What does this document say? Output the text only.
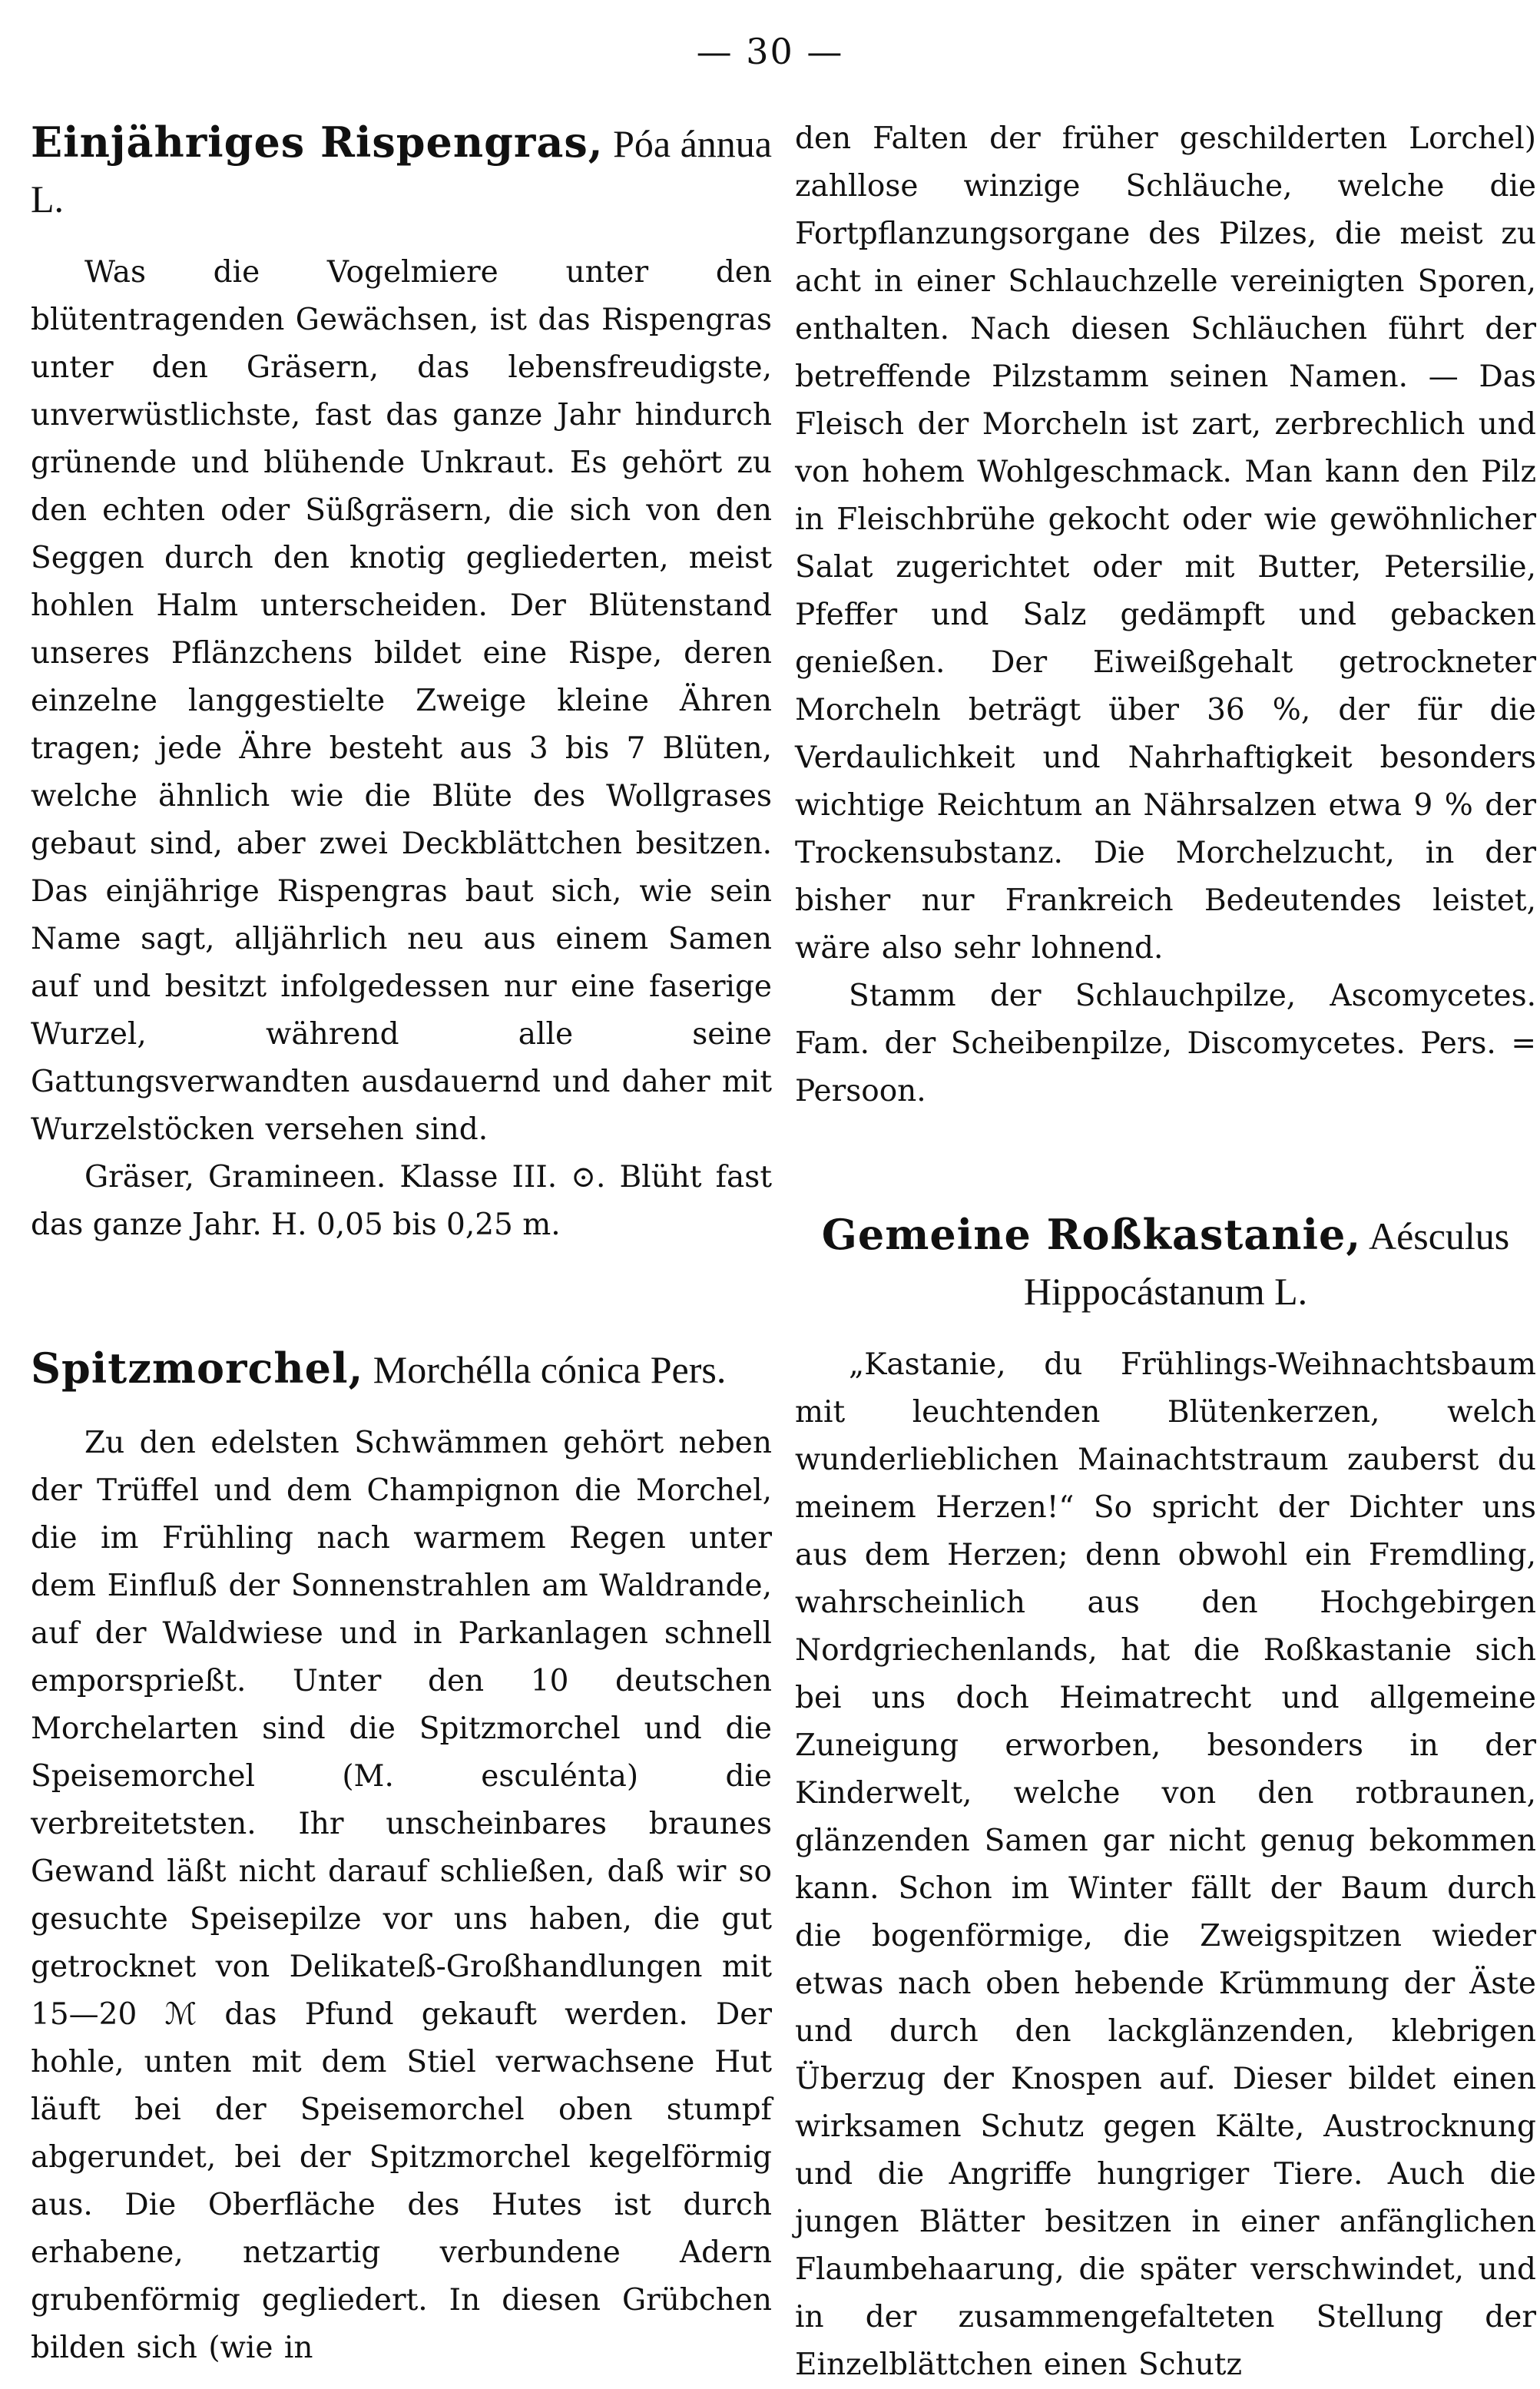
— 30 —
Einjähriges Rispengras, Póa ánnua L.

Was die Vogelmiere unter den blütentragenden Gewächsen, ist das Rispengras unter den Gräsern, das lebensfreudigste, unverwüstlichste, fast das ganze Jahr hindurch grünende und blühende Unkraut. Es gehört zu den echten oder Süßgräsern, die sich von den Seggen durch den knotig gegliederten, meist hohlen Halm unterscheiden. Der Blütenstand unseres Pflänzchens bildet eine Rispe, deren einzelne langgestielte Zweige kleine Ähren tragen; jede Ähre besteht aus 3 bis 7 Blüten, welche ähnlich wie die Blüte des Wollgrases gebaut sind, aber zwei Deckblättchen besitzen. Das einjährige Rispengras baut sich, wie sein Name sagt, alljährlich neu aus einem Samen auf und besitzt infolgedessen nur eine faserige Wurzel, während alle seine Gattungsverwandten ausdauernd und daher mit Wurzelstöcken versehen sind.

Gräser, Gramineen. Klasse III. ⊙. Blüht fast das ganze Jahr. H. 0,05 bis 0,25 m.

Spitzmorchel, Morchélla cónica Pers.

Zu den edelsten Schwämmen gehört neben der Trüffel und dem Champignon die Morchel, die im Frühling nach warmem Regen unter dem Einfluß der Sonnenstrahlen am Waldrande, auf der Waldwiese und in Parkanlagen schnell emporsprießt. Unter den 10 deutschen Morchelarten sind die Spitzmorchel und die Speisemorchel (M. esculénta) die verbreitetsten. Ihr unscheinbares braunes Gewand läßt nicht darauf schließen, daß wir so gesuchte Speisepilze vor uns haben, die gut getrocknet von Delikateß-Großhandlungen mit 15—20 ℳ das Pfund gekauft werden. Der hohle, unten mit dem Stiel verwachsene Hut läuft bei der Speisemorchel oben stumpf abgerundet, bei der Spitzmorchel kegelförmig aus. Die Oberfläche des Hutes ist durch erhabene, netzartig verbundene Adern grubenförmig gegliedert. In diesen Grübchen bilden sich (wie in

den Falten der früher geschilderten Lorchel) zahllose winzige Schläuche, welche die Fortpflanzungsorgane des Pilzes, die meist zu acht in einer Schlauchzelle vereinigten Sporen, enthalten. Nach diesen Schläuchen führt der betreffende Pilzstamm seinen Namen. — Das Fleisch der Morcheln ist zart, zerbrechlich und von hohem Wohlgeschmack. Man kann den Pilz in Fleischbrühe gekocht oder wie gewöhnlicher Salat zugerichtet oder mit Butter, Petersilie, Pfeffer und Salz gedämpft und gebacken genießen. Der Eiweißgehalt getrockneter Morcheln beträgt über 36 %, der für die Verdaulichkeit und Nahrhaftigkeit besonders wichtige Reichtum an Nährsalzen etwa 9 % der Trockensubstanz. Die Morchelzucht, in der bisher nur Frankreich Bedeutendes leistet, wäre also sehr lohnend.

Stamm der Schlauchpilze, Ascomycetes. Fam. der Scheibenpilze, Discomycetes. Pers. = Persoon.

Gemeine Roßkastanie, Aésculus Hippocástanum L.

„Kastanie, du Frühlings-Weihnachtsbaum mit leuchtenden Blütenkerzen, welch wunderlieblichen Mainachtstraum zauberst du meinem Herzen!“ So spricht der Dichter uns aus dem Herzen; denn obwohl ein Fremdling, wahrscheinlich aus den Hochgebirgen Nordgriechenlands, hat die Roßkastanie sich bei uns doch Heimatrecht und allgemeine Zuneigung erworben, besonders in der Kinderwelt, welche von den rotbraunen, glänzenden Samen gar nicht genug bekommen kann. Schon im Winter fällt der Baum durch die bogenförmige, die Zweigspitzen wieder etwas nach oben hebende Krümmung der Äste und durch den lackglänzenden, klebrigen Überzug der Knospen auf. Dieser bildet einen wirksamen Schutz gegen Kälte, Austrocknung und die Angriffe hungriger Tiere. Auch die jungen Blätter besitzen in einer anfänglichen Flaumbehaarung, die später verschwindet, und in der zusammengefalteten Stellung der Einzelblättchen einen Schutz
